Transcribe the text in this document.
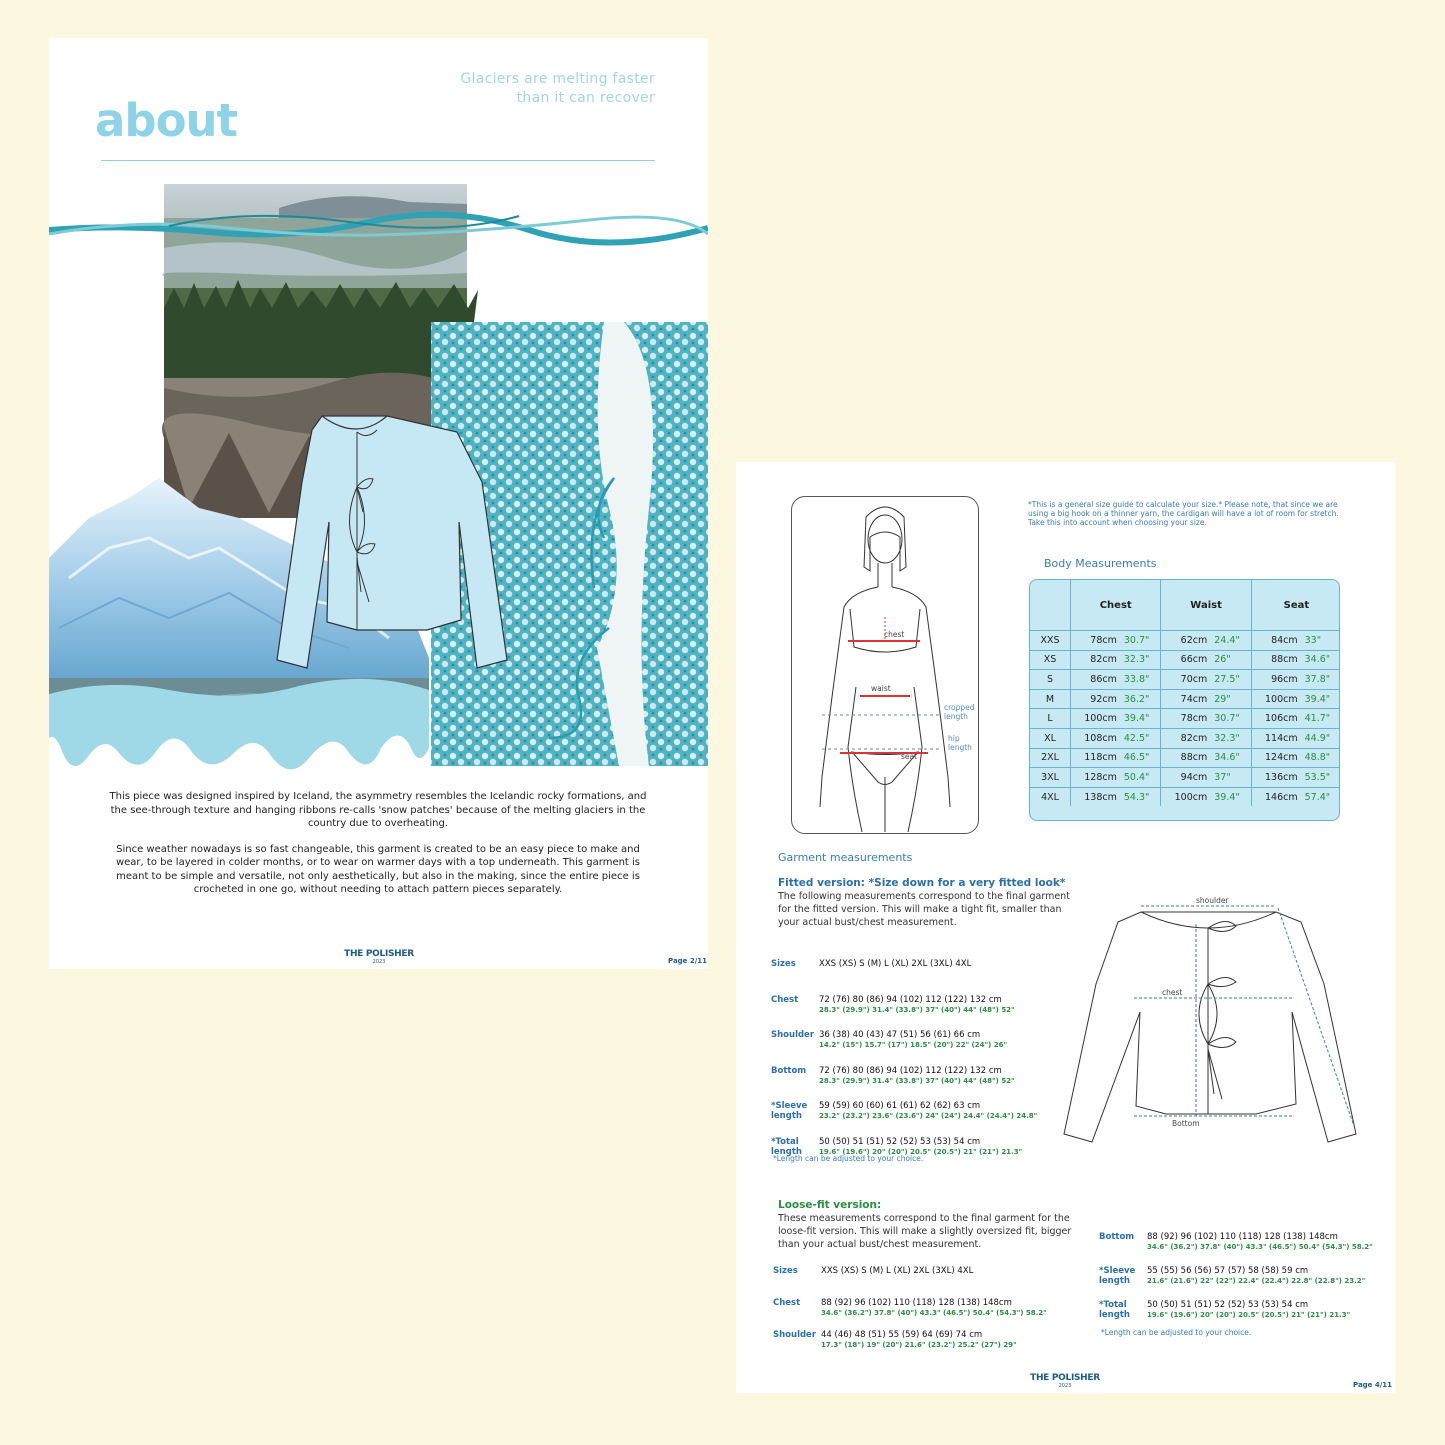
Glaciers are melting faster
than it can recover
about

This piece was designed inspired by Iceland, the asymmetry resembles the Icelandic rocky formations, and the see-through texture and hanging ribbons re-calls 'snow patches' because of the melting glaciers in the country due to overheating.

Since weather nowadays is so fast changeable, this garment is created to be an easy piece to make and wear, to be layered in colder months, or to wear on warmer days with a top underneath. This garment is meant to be simple and versatile, not only aesthetically, but also in the making, since the entire piece is crocheted in one go, without needing to attach pattern pieces separately.

THE POLISHER
2023	Page 2/11
chest
waist
seat
cropped
length
hip
length
*This is a general size guide to calculate your size.* Please note, that since we are using a big hook on a thinner yarn, the cardigan will have a lot of room for stretch. Take this into account when choosing your size.
Body Measurements
	Chest		Waist		Seat	
XXS	78cm	30.7"	62cm	24.4"	84cm	33"
XS	82cm	32.3"	66cm	26"	88cm	34.6"
S	86cm	33.8"	70cm	27.5"	96cm	37.8"
M	92cm	36.2"	74cm	29"	100cm	39.4"
L	100cm	39.4"	78cm	30.7"	106cm	41.7"
XL	108cm	42.5"	82cm	32.3"	114cm	44.9"
2XL	118cm	46.5"	88cm	34.6"	124cm	48.8"
3XL	128cm	50.4"	94cm	37"	136cm	53.5"
4XL	138cm	54.3"	100cm	39.4"	146cm	57.4"
Garment measurements
Fitted version: *Size down for a very fitted look*
The following measurements correspond to the final garment for the fitted version. This will make a tight fit, smaller than your actual bust/chest measurement.
Sizes	XXS (XS) S (M) L (XL) 2XL (3XL) 4XL
Chest	72 (76) 80 (86) 94 (102) 112 (122) 132 cm
28.3" (29.9") 31.4" (33.8") 37" (40") 44" (48") 52"
Shoulder 36 (38) 40 (43) 47 (51) 56 (61) 66 cm
14.2" (15") 15.7" (17") 18.5" (20") 22" (24") 26"
Bottom	72 (76) 80 (86) 94 (102) 112 (122) 132 cm
28.3" (29.9") 31.4" (33.8") 37" (40") 44" (48") 52"
*Sleeve length
59 (59) 60 (60) 61 (61) 62 (62) 63 cm
23.2" (23.2") 23.6" (23.6") 24" (24") 24.4" (24.4") 24.8"
*Total length
50 (50) 51 (51) 52 (52) 53 (53) 54 cm
19.6" (19.6") 20" (20") 20.5" (20.5") 21" (21") 21.3"
*Length can be adjusted to your choice.
shoulder
chest
Bottom
Loose-fit version:
These measurements correspond to the final garment for the loose-fit version. This will make a slightly oversized fit, bigger than your actual bust/chest measurement.
Sizes	XXS (XS) S (M) L (XL) 2XL (3XL) 4XL
Chest	88 (92) 96 (102) 110 (118) 128 (138) 148cm
34.6" (36.2") 37.8" (40") 43.3" (46.5") 50.4" (54.3") 58.2"
Shoulder 44 (46) 48 (51) 55 (59) 64 (69) 74 cm
17.3" (18") 19" (20") 21.6" (23.2") 25.2" (27") 29"
Bottom	88 (92) 96 (102) 110 (118) 128 (138) 148cm
34.6" (36.2") 37.8" (40") 43.3" (46.5") 50.4" (54.3") 58.2"
*Sleeve length
55 (55) 56 (56) 57 (57) 58 (58) 59 cm
21.6" (21.6") 22" (22") 22.4" (22.4") 22.8" (22.8") 23.2"
*Total length
50 (50) 51 (51) 52 (52) 53 (53) 54 cm
19.6" (19.6") 20" (20") 20.5" (20.5") 21" (21") 21.3"
*Length can be adjusted to your choice.
THE POLISHER
2023	Page 4/11
